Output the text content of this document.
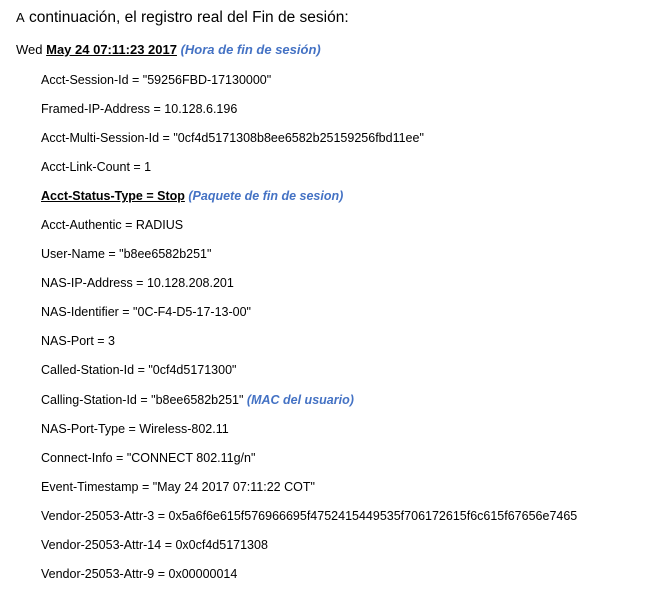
A continuación, el registro real del Fin de sesión:
Wed May 24 07:11:23 2017 (Hora de fin de sesión)
Acct-Session-Id = "59256FBD-17130000"
Framed-IP-Address = 10.128.6.196
Acct-Multi-Session-Id = "0cf4d5171308b8ee6582b25159256fbd11ee"
Acct-Link-Count = 1
Acct-Status-Type = Stop (Paquete de fin de sesion)
Acct-Authentic = RADIUS
User-Name = "b8ee6582b251"
NAS-IP-Address = 10.128.208.201
NAS-Identifier = "0C-F4-D5-17-13-00"
NAS-Port = 3
Called-Station-Id = "0cf4d5171300"
Calling-Station-Id = "b8ee6582b251" (MAC del usuario)
NAS-Port-Type = Wireless-802.11
Connect-Info = "CONNECT 802.11g/n"
Event-Timestamp = "May 24 2017 07:11:22 COT"
Vendor-25053-Attr-3 = 0x5a6f6e615f576966695f4752415449535f706172615f6c615f67656e7465
Vendor-25053-Attr-14 = 0x0cf4d5171308
Vendor-25053-Attr-9 = 0x00000014
